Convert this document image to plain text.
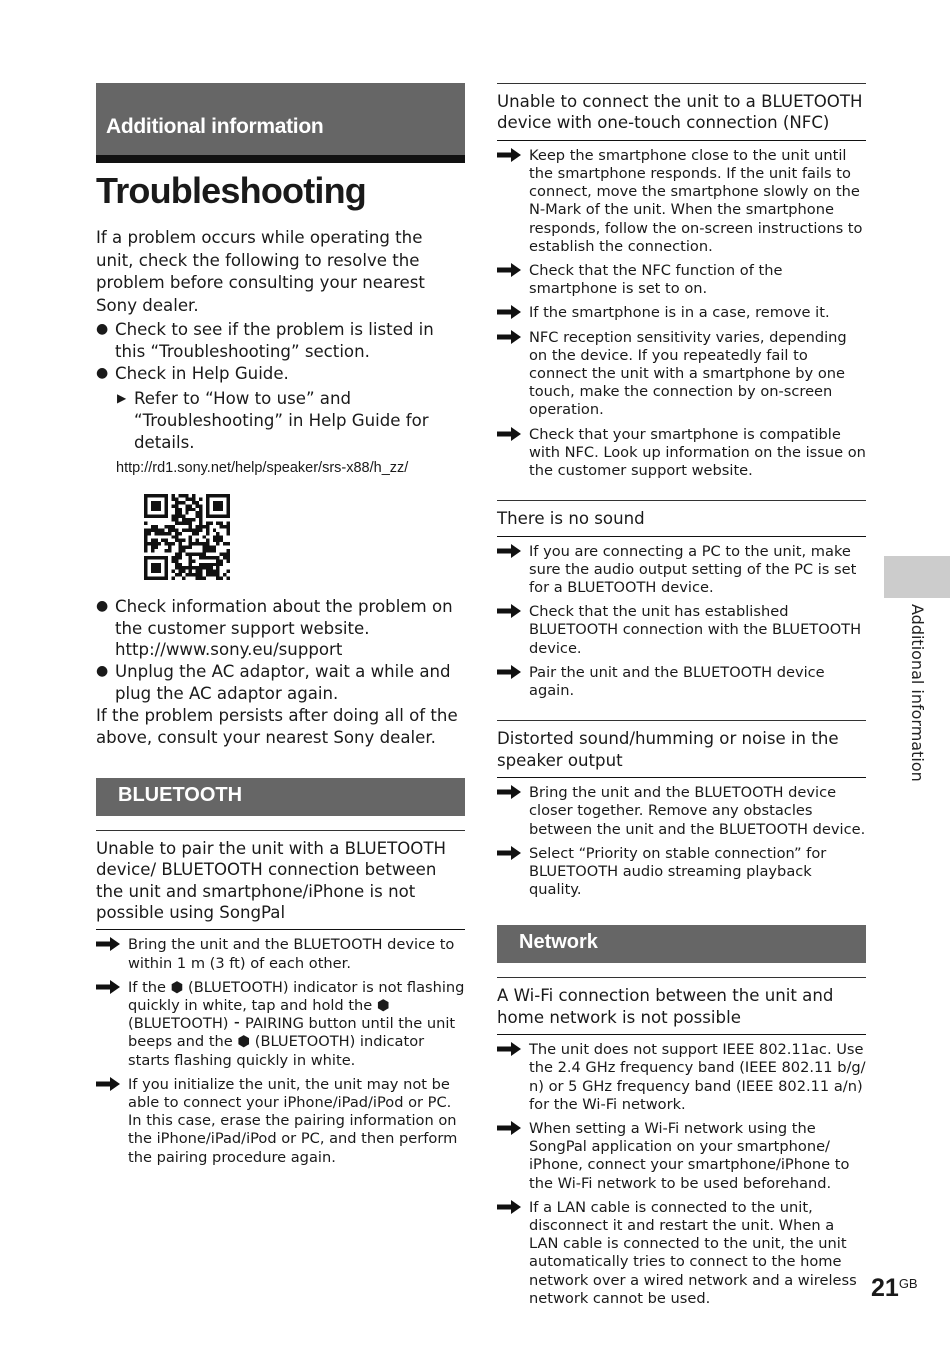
Additional information
Troubleshooting

If a problem occurs while operating the unit, check the following to resolve the problem before consulting your nearest Sony dealer.

● Check to see if the problem is listed in this “Troubleshooting” section.
● Check in Help Guide.
▶ Refer to “How to use” and “Troubleshooting” in Help Guide for details.
http://rd1.sony.net/help/speaker/srs-x88/h_zz/
● Check information about the problem on the customer support website. http://www.sony.eu/support
● Unplug the AC adaptor, wait a while and plug the AC adaptor again.

If the problem persists after doing all of the above, consult your nearest Sony dealer.

BLUETOOTH
Unable to pair the unit with a BLUETOOTH device/ BLUETOOTH connection between the unit and smartphone/iPhone is not possible using SongPal
Bring the unit and the BLUETOOTH device to within 1 m (3 ft) of each other.
If the ⬢ (BLUETOOTH) indicator is not flashing quickly in white, tap and hold the ⬢ (BLUETOOTH) ⁃ PAIRING button until the unit beeps and the ⬢ (BLUETOOTH) indicator starts flashing quickly in white.
If you initialize the unit, the unit may not be able to connect your iPhone/iPad/iPod or PC. In this case, erase the pairing information on the iPhone/iPad/iPod or PC, and then perform the pairing procedure again.
Unable to connect the unit to a BLUETOOTH device with one-touch connection (NFC)
Keep the smartphone close to the unit until the smartphone responds. If the unit fails to connect, move the smartphone slowly on the N-Mark of the unit. When the smartphone responds, follow the on-screen instructions to establish the connection.
Check that the NFC function of the smartphone is set to on.
If the smartphone is in a case, remove it.
NFC reception sensitivity varies, depending on the device. If you repeatedly fail to connect the unit with a smartphone by one touch, make the connection by on-screen operation.
Check that your smartphone is compatible with NFC. Look up information on the issue on the customer support website.
There is no sound
If you are connecting a PC to the unit, make sure the audio output setting of the PC is set for a BLUETOOTH device.
Check that the unit has established BLUETOOTH connection with the BLUETOOTH device.
Pair the unit and the BLUETOOTH device again.
Distorted sound/humming or noise in the speaker output
Bring the unit and the BLUETOOTH device closer together. Remove any obstacles between the unit and the BLUETOOTH device.
Select “Priority on stable connection” for BLUETOOTH audio streaming playback quality.
Network
A Wi-Fi connection between the unit and home network is not possible
The unit does not support IEEE 802.11ac. Use the 2.4 GHz frequency band (IEEE 802.11 b/g/ n) or 5 GHz frequency band (IEEE 802.11 a/n) for the Wi-Fi network.
When setting a Wi-Fi network using the SongPal application on your smartphone/ iPhone, connect your smartphone/iPhone to the Wi-Fi network to be used beforehand.
If a LAN cable is connected to the unit, disconnect it and restart the unit. When a LAN cable is connected to the unit, the unit automatically tries to connect to the home network over a wired network and a wireless network cannot be used.
Additional information
$21^{GB}$
